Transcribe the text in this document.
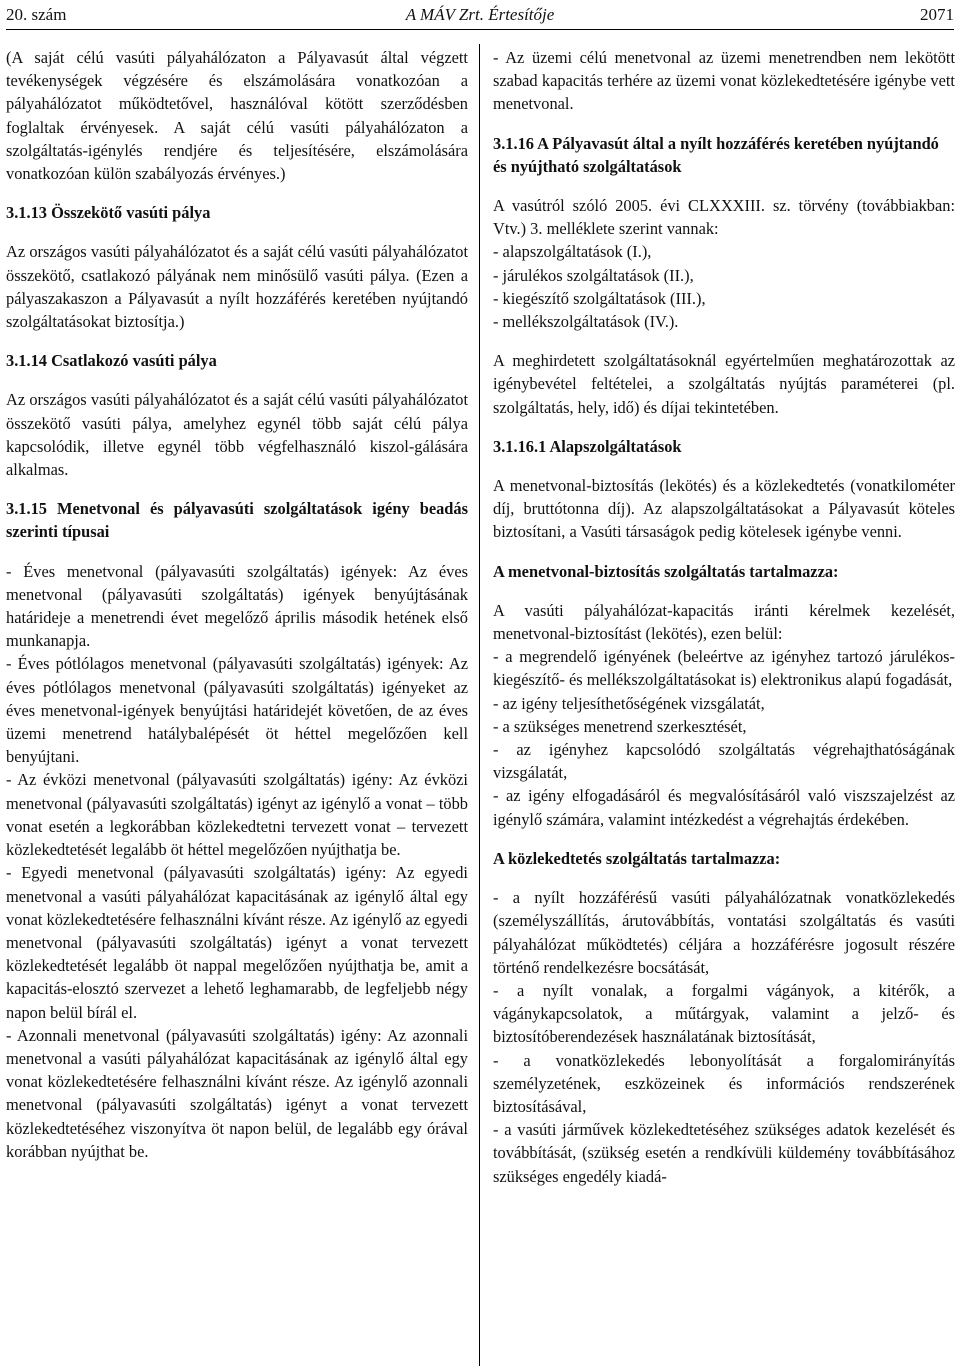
20. szám	A MÁV Zrt. Értesítője	2071

(A saját célú vasúti pályahálózaton a Pályavasút által végzett tevékenységek végzésére és elszámolására vonatkozóan a pályahálózatot működtetővel, használóval kötött szerződésben foglaltak érvényesek. A saját célú vasúti pályahálózaton a szolgáltatás-igénylés rendjére és teljesítésére, elszámolására vonatkozóan külön szabályozás érvényes.)

3.1.13 Összekötő vasúti pálya

Az országos vasúti pályahálózatot és a saját célú vasúti pályahálózatot összekötő, csatlakozó pályának nem minősülő vasúti pálya. (Ezen a pályaszakaszon a Pályavasút a nyílt hozzáférés keretében nyújtandó szolgáltatásokat biztosítja.)

3.1.14 Csatlakozó vasúti pálya

Az országos vasúti pályahálózatot és a saját célú vasúti pályahálózatot összekötő vasúti pálya, amelyhez egynél több saját célú pálya kapcsolódik, illetve egynél több végfelhasználó kiszol-gálására alkalmas.

3.1.15 Menetvonal és pályavasúti szolgáltatások igény beadás szerinti típusai

- Éves menetvonal (pályavasúti szolgáltatás) igények: Az éves menetvonal (pályavasúti szolgáltatás) igények benyújtásának határideje a menetrendi évet megelőző április második hetének első munkanapja.

- Éves pótlólagos menetvonal (pályavasúti szolgáltatás) igények: Az éves pótlólagos menetvonal (pályavasúti szolgáltatás) igényeket az éves menetvonal-igények benyújtási határidejét követően, de az éves üzemi menetrend hatálybalépését öt héttel megelőzően kell benyújtani.

- Az évközi menetvonal (pályavasúti szolgáltatás) igény: Az évközi menetvonal (pályavasúti szolgáltatás) igényt az igénylő a vonat – több vonat esetén a legkorábban közlekedtetni tervezett vonat – tervezett közlekedtetését legalább öt héttel megelőzően nyújthatja be.

- Egyedi menetvonal (pályavasúti szolgáltatás) igény: Az egyedi menetvonal a vasúti pályahálózat kapacitásának az igénylő által egy vonat közlekedtetésére felhasználni kívánt része. Az igénylő az egyedi menetvonal (pályavasúti szolgáltatás) igényt a vonat tervezett közlekedtetését legalább öt nappal megelőzően nyújthatja be, amit a kapacitás-elosztó szervezet a lehető leghamarabb, de legfeljebb négy napon belül bírál el.

- Azonnali menetvonal (pályavasúti szolgáltatás) igény: Az azonnali menetvonal a vasúti pályahálózat kapacitásának az igénylő által egy vonat közlekedtetésére felhasználni kívánt része. Az igénylő azonnali menetvonal (pályavasúti szolgáltatás) igényt a vonat tervezett közlekedtetéséhez viszonyítva öt napon belül, de legalább egy órával korábban nyújthat be.

- Az üzemi célú menetvonal az üzemi menetrendben nem lekötött szabad kapacitás terhére az üzemi vonat közlekedtetésére igénybe vett menetvonal.

3.1.16 A Pályavasút által a nyílt hozzáférés keretében nyújtandó és nyújtható szolgáltatások

A vasútról szóló 2005. évi CLXXXIII. sz. törvény (továbbiakban: Vtv.) 3. melléklete szerint vannak:

- alapszolgáltatások (I.),
- járulékos szolgáltatások (II.),
- kiegészítő szolgáltatások (III.),
- mellékszolgáltatások (IV.).

A meghirdetett szolgáltatásoknál egyértelműen meghatározottak az igénybevétel feltételei, a szolgáltatás nyújtás paraméterei (pl. szolgáltatás, hely, idő) és díjai tekintetében.

3.1.16.1 Alapszolgáltatások

A menetvonal-biztosítás (lekötés) és a közlekedtetés (vonatkilométer díj, bruttótonna díj). Az alapszolgáltatásokat a Pályavasút köteles biztosítani, a Vasúti társaságok pedig kötelesek igénybe venni.

A menetvonal-biztosítás szolgáltatás tartalmazza:

A vasúti pályahálózat-kapacitás iránti kérelmek kezelését, menetvonal-biztosítást (lekötés), ezen belül:

- a megrendelő igényének (beleértve az igényhez tartozó járulékos-kiegészítő- és mellékszolgáltatásokat is) elektronikus alapú fogadását,

- az igény teljesíthetőségének vizsgálatát,

- a szükséges menetrend szerkesztését,

- az igényhez kapcsolódó szolgáltatás végrehajthatóságának vizsgálatát,

- az igény elfogadásáról és megvalósításáról való viszszajelzést az igénylő számára, valamint intézkedést a végrehajtás érdekében.

A közlekedtetés szolgáltatás tartalmazza:

- a nyílt hozzáférésű vasúti pályahálózatnak vonatközlekedés (személyszállítás, árutovábbítás, vontatási szolgáltatás és vasúti pályahálózat működtetés) céljára a hozzáférésre jogosult részére történő rendelkezésre bocsátását,

- a nyílt vonalak, a forgalmi vágányok, a kitérők, a vágánykapcsolatok, a műtárgyak, valamint a jelző- és biztosítóberendezések használatának biztosítását,

- a vonatközlekedés lebonyolítását a forgalomirányítás személyzetének, eszközeinek és információs rendszerének biztosításával,

- a vasúti járművek közlekedtetéséhez szükséges adatok kezelését és továbbítását, (szükség esetén a rendkívüli küldemény továbbításához szükséges engedély kiadá-
